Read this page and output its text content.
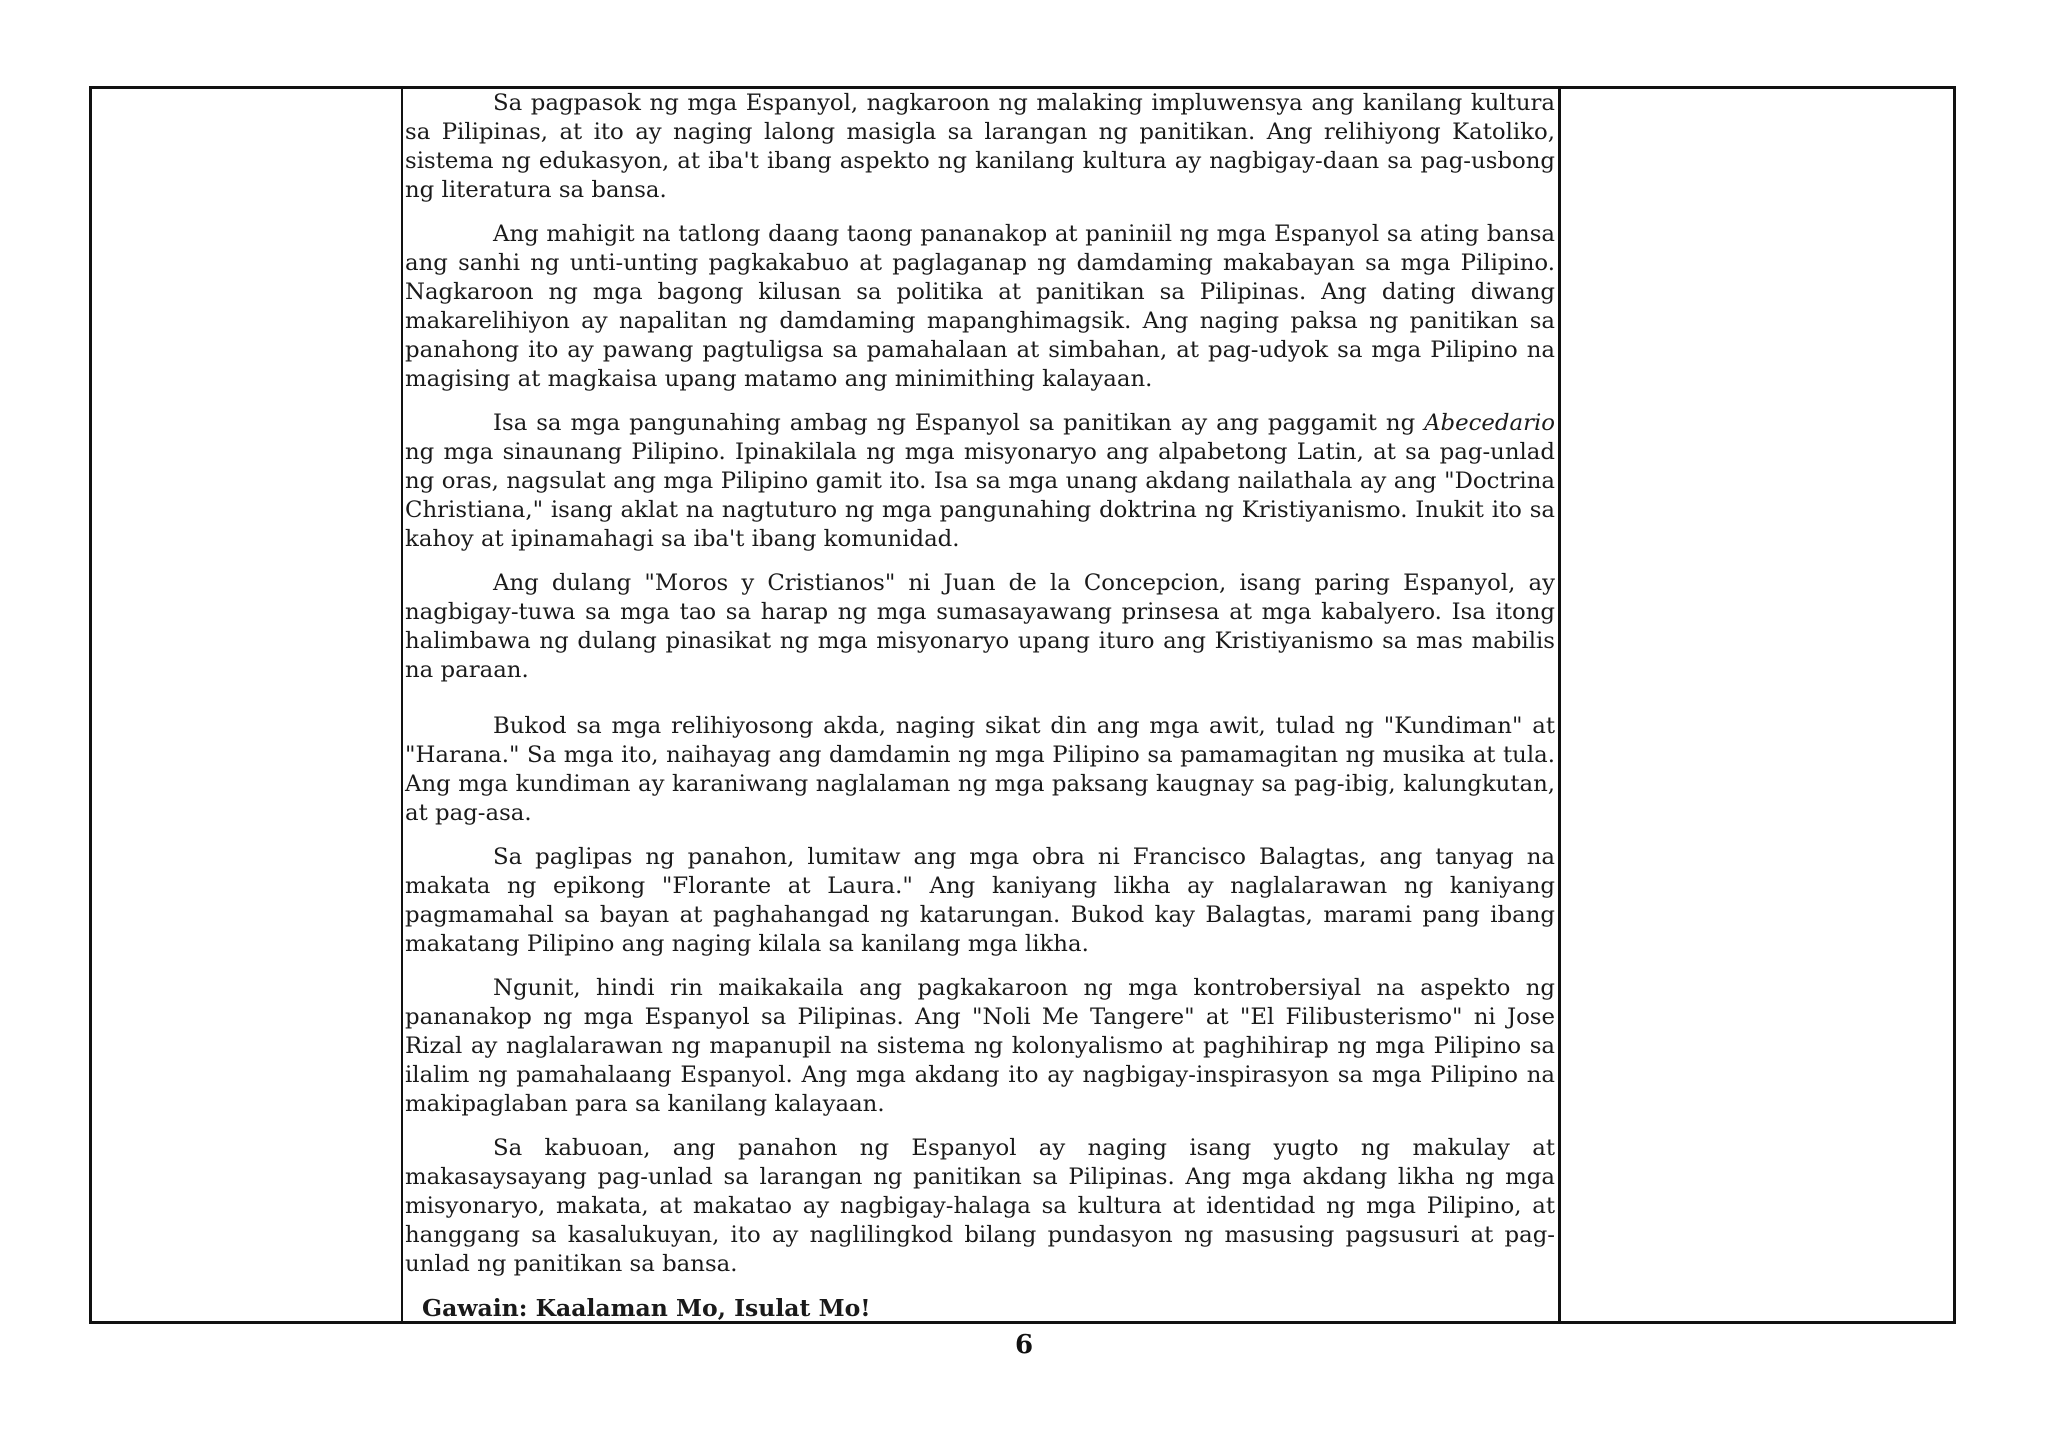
Sa pagpasok ng mga Espanyol, nagkaroon ng malaking impluwensya ang kanilang kultura sa Pilipinas, at ito ay naging lalong masigla sa larangan ng panitikan. Ang relihiyong Katoliko, sistema ng edukasyon, at iba't ibang aspekto ng kanilang kultura ay nagbigay-daan sa pag-usbong ng literatura sa bansa.

Ang mahigit na tatlong daang taong pananakop at paniniil ng mga Espanyol sa ating bansa ang sanhi ng unti-unting pagkakabuo at paglaganap ng damdaming makabayan sa mga Pilipino. Nagkaroon ng mga bagong kilusan sa politika at panitikan sa Pilipinas. Ang dating diwang makarelihiyon ay napalitan ng damdaming mapanghimagsik. Ang naging paksa ng panitikan sa panahong ito ay pawang pagtuligsa sa pamahalaan at simbahan, at pag-udyok sa mga Pilipino na magising at magkaisa upang matamo ang minimithing kalayaan.

Isa sa mga pangunahing ambag ng Espanyol sa panitikan ay ang paggamit ng Abecedario ng mga sinaunang Pilipino. Ipinakilala ng mga misyonaryo ang alpabetong Latin, at sa pag-unlad ng oras, nagsulat ang mga Pilipino gamit ito. Isa sa mga unang akdang nailathala ay ang "Doctrina Christiana," isang aklat na nagtuturo ng mga pangunahing doktrina ng Kristiyanismo. Inukit ito sa kahoy at ipinamahagi sa iba't ibang komunidad.

Ang dulang "Moros y Cristianos" ni Juan de la Concepcion, isang paring Espanyol, ay nagbigay-tuwa sa mga tao sa harap ng mga sumasayawang prinsesa at mga kabalyero. Isa itong halimbawa ng dulang pinasikat ng mga misyonaryo upang ituro ang Kristiyanismo sa mas mabilis na paraan.

Bukod sa mga relihiyosong akda, naging sikat din ang mga awit, tulad ng "Kundiman" at "Harana." Sa mga ito, naihayag ang damdamin ng mga Pilipino sa pamamagitan ng musika at tula. Ang mga kundiman ay karaniwang naglalaman ng mga paksang kaugnay sa pag-ibig, kalungkutan, at pag-asa.

Sa paglipas ng panahon, lumitaw ang mga obra ni Francisco Balagtas, ang tanyag na makata ng epikong "Florante at Laura." Ang kaniyang likha ay naglalarawan ng kaniyang pagmamahal sa bayan at paghahangad ng katarungan. Bukod kay Balagtas, marami pang ibang makatang Pilipino ang naging kilala sa kanilang mga likha.

Ngunit, hindi rin maikakaila ang pagkakaroon ng mga kontrobersiyal na aspekto ng pananakop ng mga Espanyol sa Pilipinas. Ang "Noli Me Tangere" at "El Filibusterismo" ni Jose Rizal ay naglalarawan ng mapanupil na sistema ng kolonyalismo at paghihirap ng mga Pilipino sa ilalim ng pamahalaang Espanyol. Ang mga akdang ito ay nagbigay-inspirasyon sa mga Pilipino na makipaglaban para sa kanilang kalayaan.

Sa kabuoan, ang panahon ng Espanyol ay naging isang yugto ng makulay at makasaysayang pag-unlad sa larangan ng panitikan sa Pilipinas. Ang mga akdang likha ng mga misyonaryo, makata, at makatao ay nagbigay-halaga sa kultura at identidad ng mga Pilipino, at hanggang sa kasalukuyan, ito ay naglilingkod bilang pundasyon ng masusing pagsusuri at pag-unlad ng panitikan sa bansa.

Gawain: Kaalaman Mo, Isulat Mo!
6
